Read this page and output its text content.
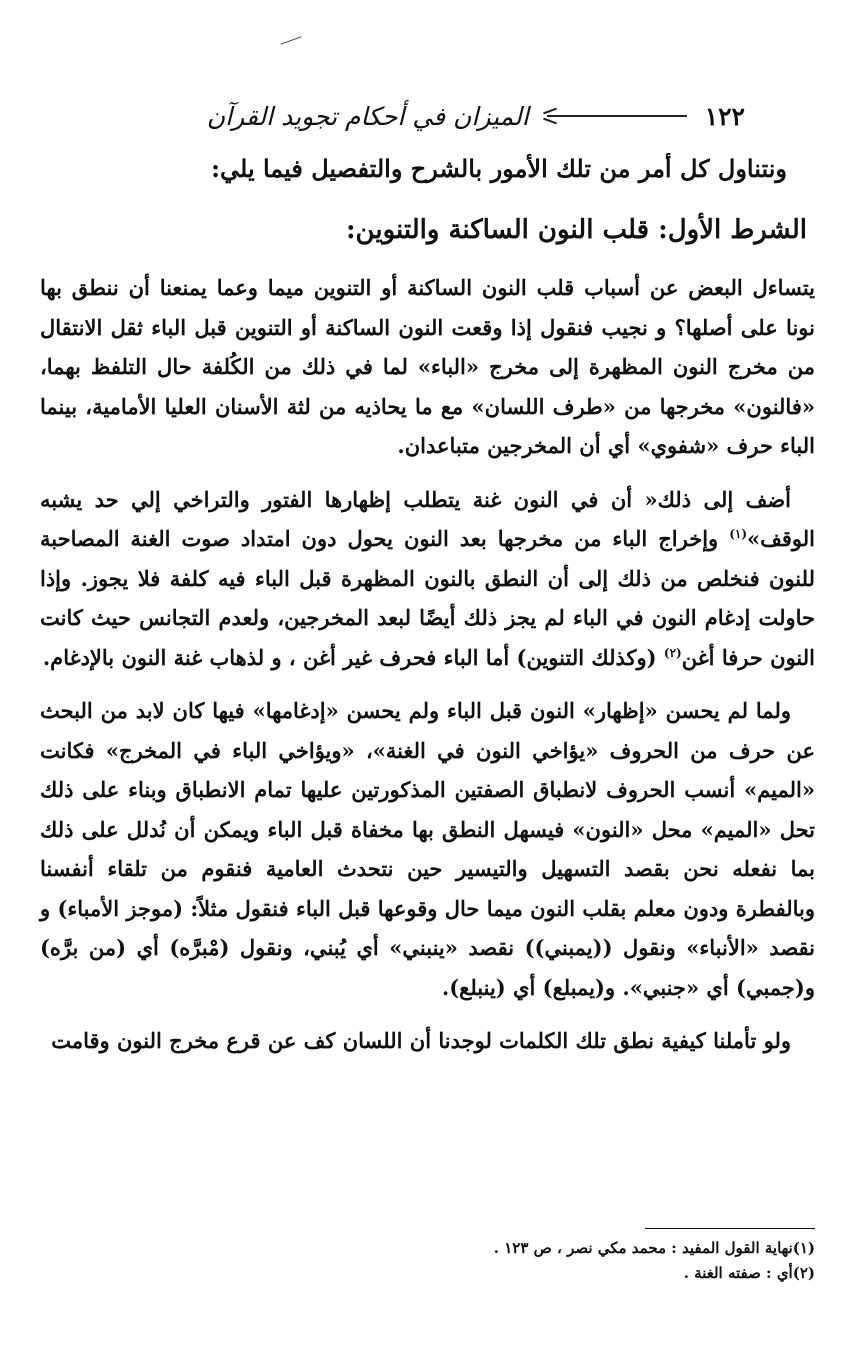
١٢٢
الميزان في أحكام تجويد القرآن
ونتناول كل أمر من تلك الأمور بالشرح والتفصيل فيما يلي:
الشرط الأول: قلب النون الساكنة والتنوين:

يتساءل البعض عن أسباب قلب النون الساكنة أو التنوين ميما وعما يمنعنا أن ننطق بها نونا على أصلها؟ و نجيب فنقول إذا وقعت النون الساكنة أو التنوين قبل الباء ثقل الانتقال من مخرج النون المظهرة إلى مخرج «الباء» لما في ذلك من الكُلفة حال التلفظ بهما، «فالنون» مخرجها من «طرف اللسان» مع ما يحاذيه من لثة الأسنان العليا الأمامية، بينما الباء حرف «شفوي» أي أن المخرجين متباعدان.

أضف إلى ذلك« أن في النون غنة يتطلب إظهارها الفتور والتراخي إلي حد يشبه الوقف»$^{(١)}$ وإخراج الباء من مخرجها بعد النون يحول دون امتداد صوت الغنة المصاحبة للنون فنخلص من ذلك إلى أن النطق بالنون المظهرة قبل الباء فيه كلفة فلا يجوز. وإذا حاولت إدغام النون في الباء لم يجز ذلك أيضًا لبعد المخرجين، ولعدم التجانس حيث كانت النون حرفا أغن$^{(٢)}$ (وكذلك التنوين) أما الباء فحرف غير أغن ، و لذهاب غنة النون بالإدغام.

ولما لم يحسن «إظهار» النون قبل الباء ولم يحسن «إدغامها» فيها كان لابد من البحث عن حرف من الحروف «يؤاخي النون في الغنة»، «ويؤاخي الباء في المخرج» فكانت «الميم» أنسب الحروف لانطباق الصفتين المذكورتين عليها تمام الانطباق وبناء على ذلك تحل «الميم» محل «النون» فيسهل النطق بها مخفاة قبل الباء ويمكن أن نُدلل على ذلك بما نفعله نحن بقصد التسهيل والتيسير حين نتحدث العامية فنقوم من تلقاء أنفسنا وبالفطرة ودون معلم بقلب النون ميما حال وقوعها قبل الباء فنقول مثلاً: (موجز الأمباء) و نقصد «الأنباء» ونقول ((يمبني)) نقصد «ينبني» أي يُبني، ونقول (مْبرَّه) أي (من برَّه) و(جمبي) أي «جنبي». و(يمبلع) أي (ينبلع).

ولو تأملنا كيفية نطق تلك الكلمات لوجدنا أن اللسان كف عن قرع مخرج النون وقامت

(١)نهاية القول المفيد : محمد مكي نصر ، ص ١٢٣ .
(٢)أي : صفته الغنة .
